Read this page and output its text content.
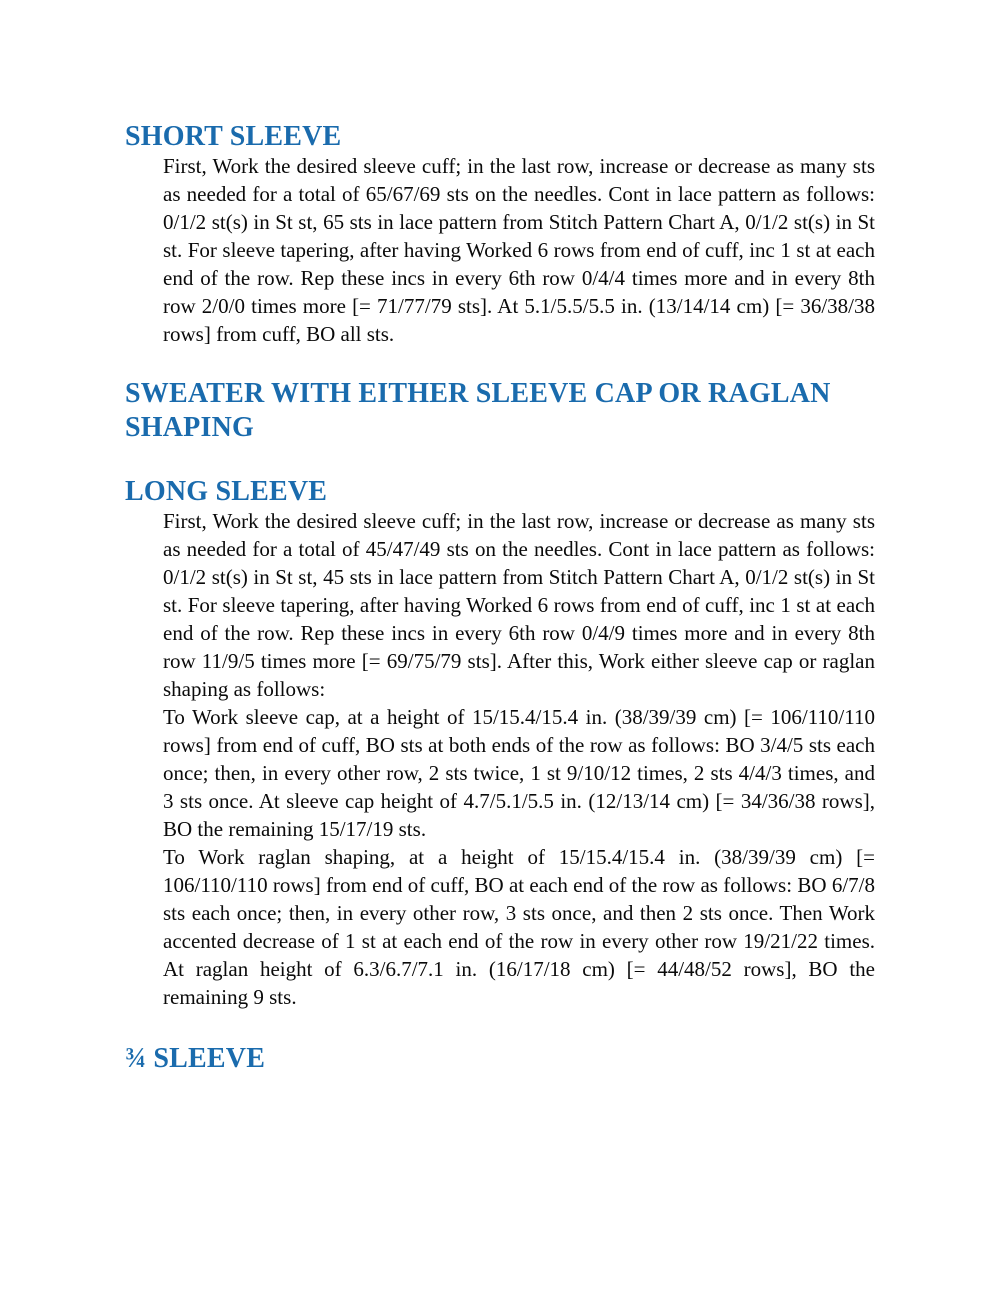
SHORT SLEEVE

First, Work the desired sleeve cuff; in the last row, increase or decrease as many sts as needed for a total of 65/67/69 sts on the needles. Cont in lace pattern as follows: 0/1/2 st(s) in St st, 65 sts in lace pattern from Stitch Pattern Chart A, 0/1/2 st(s) in St st. For sleeve tapering, after having Worked 6 rows from end of cuff, inc 1 st at each end of the row. Rep these incs in every 6th row 0/4/4 times more and in every 8th row 2/0/0 times more [= 71/77/79 sts]. At 5.1/5.5/5.5 in. (13/14/14 cm) [= 36/38/38 rows] from cuff, BO all sts.

SWEATER WITH EITHER SLEEVE CAP OR RAGLAN SHAPING
LONG SLEEVE

First, Work the desired sleeve cuff; in the last row, increase or decrease as many sts as needed for a total of 45/47/49 sts on the needles. Cont in lace pattern as follows: 0/1/2 st(s) in St st, 45 sts in lace pattern from Stitch Pattern Chart A, 0/1/2 st(s) in St st. For sleeve tapering, after having Worked 6 rows from end of cuff, inc 1 st at each end of the row. Rep these incs in every 6th row 0/4/9 times more and in every 8th row 11/9/5 times more [= 69/75/79 sts]. After this, Work either sleeve cap or raglan shaping as follows:

To Work sleeve cap, at a height of 15/15.4/15.4 in. (38/39/39 cm) [= 106/110/110 rows] from end of cuff, BO sts at both ends of the row as follows: BO 3/4/5 sts each once; then, in every other row, 2 sts twice, 1 st 9/10/12 times, 2 sts 4/4/3 times, and 3 sts once. At sleeve cap height of 4.7/5.1/5.5 in. (12/13/14 cm) [= 34/36/38 rows], BO the remaining 15/17/19 sts.

To Work raglan shaping, at a height of 15/15.4/15.4 in. (38/39/39 cm) [= 106/110/110 rows] from end of cuff, BO at each end of the row as follows: BO 6/7/8 sts each once; then, in every other row, 3 sts once, and then 2 sts once. Then Work accented decrease of 1 st at each end of the row in every other row 19/21/22 times. At raglan height of 6.3/6.7/7.1 in. (16/17/18 cm) [= 44/48/52 rows], BO the remaining 9 sts.

¾ SLEEVE
